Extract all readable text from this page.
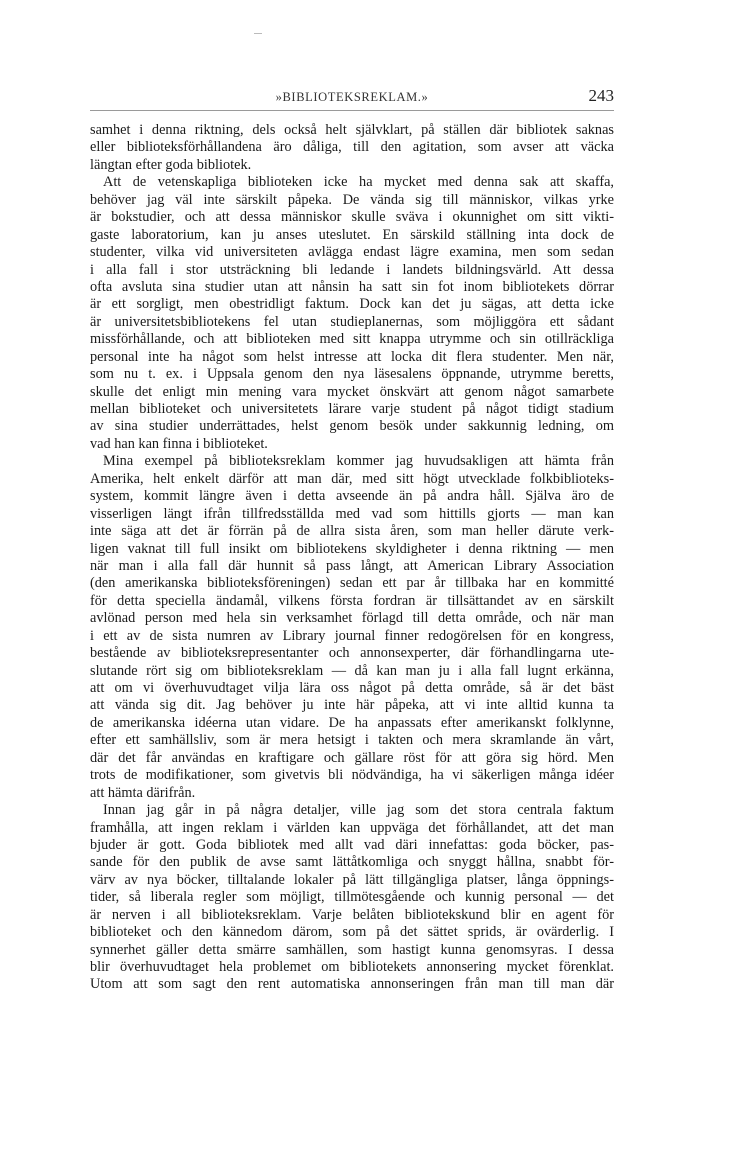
»BIBLIOTEKSREKLAM.»	243
samhet i denna riktning, dels också helt självklart, på ställen där bibliotek saknas
eller biblioteksförhållandena äro dåliga, till den agitation, som avser att väcka
längtan efter goda bibliotek.
Att de vetenskapliga biblioteken icke ha mycket med denna sak att skaffa,
behöver jag väl inte särskilt påpeka. De vända sig till människor, vilkas yrke
är bokstudier, och att dessa människor skulle sväva i okunnighet om sitt vikti-
gaste laboratorium, kan ju anses uteslutet. En särskild ställning inta dock de
studenter, vilka vid universiteten avlägga endast lägre examina, men som sedan
i alla fall i stor utsträckning bli ledande i landets bildningsvärld. Att dessa
ofta avsluta sina studier utan att nånsin ha satt sin fot inom bibliotekets dörrar
är ett sorgligt, men obestridligt faktum. Dock kan det ju sägas, att detta icke
är universitetsbibliotekens fel utan studieplanernas, som möjliggöra ett sådant
missförhållande, och att biblioteken med sitt knappa utrymme och sin otillräckliga
personal inte ha något som helst intresse att locka dit flera studenter. Men när,
som nu t. ex. i Uppsala genom den nya läsesalens öppnande, utrymme beretts,
skulle det enligt min mening vara mycket önskvärt att genom något samarbete
mellan biblioteket och universitetets lärare varje student på något tidigt stadium
av sina studier underrättades, helst genom besök under sakkunnig ledning, om
vad han kan finna i biblioteket.
Mina exempel på biblioteksreklam kommer jag huvudsakligen att hämta från
Amerika, helt enkelt därför att man där, med sitt högt utvecklade folkbiblioteks-
system, kommit längre även i detta avseende än på andra håll. Själva äro de
visserligen längt ifrån tillfredsställda med vad som hittills gjorts — man kan
inte säga att det är förrän på de allra sista åren, som man heller därute verk-
ligen vaknat till full insikt om bibliotekens skyldigheter i denna riktning — men
när man i alla fall där hunnit så pass långt, att American Library Association
(den amerikanska biblioteksföreningen) sedan ett par år tillbaka har en kommitté
för detta speciella ändamål, vilkens första fordran är tillsättandet av en särskilt
avlönad person med hela sin verksamhet förlagd till detta område, och när man
i ett av de sista numren av Library journal finner redogörelsen för en kongress,
bestående av biblioteksrepresentanter och annonsexperter, där förhandlingarna ute-
slutande rört sig om biblioteksreklam — då kan man ju i alla fall lugnt erkänna,
att om vi överhuvudtaget vilja lära oss något på detta område, så är det bäst
att vända sig dit. Jag behöver ju inte här påpeka, att vi inte alltid kunna ta
de amerikanska idéerna utan vidare. De ha anpassats efter amerikanskt folklynne,
efter ett samhällsliv, som är mera hetsigt i takten och mera skramlande än vårt,
där det får användas en kraftigare och gällare röst för att göra sig hörd. Men
trots de modifikationer, som givetvis bli nödvändiga, ha vi säkerligen många idéer
att hämta därifrån.
Innan jag går in på några detaljer, ville jag som det stora centrala faktum
framhålla, att ingen reklam i världen kan uppväga det förhållandet, att det man
bjuder är gott. Goda bibliotek med allt vad däri innefattas: goda böcker, pas-
sande för den publik de avse samt lättåtkomliga och snyggt hållna, snabbt för-
värv av nya böcker, tilltalande lokaler på lätt tillgängliga platser, långa öppnings-
tider, så liberala regler som möjligt, tillmötesgående och kunnig personal — det
är nerven i all biblioteksreklam. Varje belåten bibliotekskund blir en agent för
biblioteket och den kännedom därom, som på det sättet sprids, är ovärderlig. I
synnerhet gäller detta smärre samhällen, som hastigt kunna genomsyras. I dessa
blir överhuvudtaget hela problemet om bibliotekets annonsering mycket förenklat.
Utom att som sagt den rent automatiska annonseringen från man till man där
